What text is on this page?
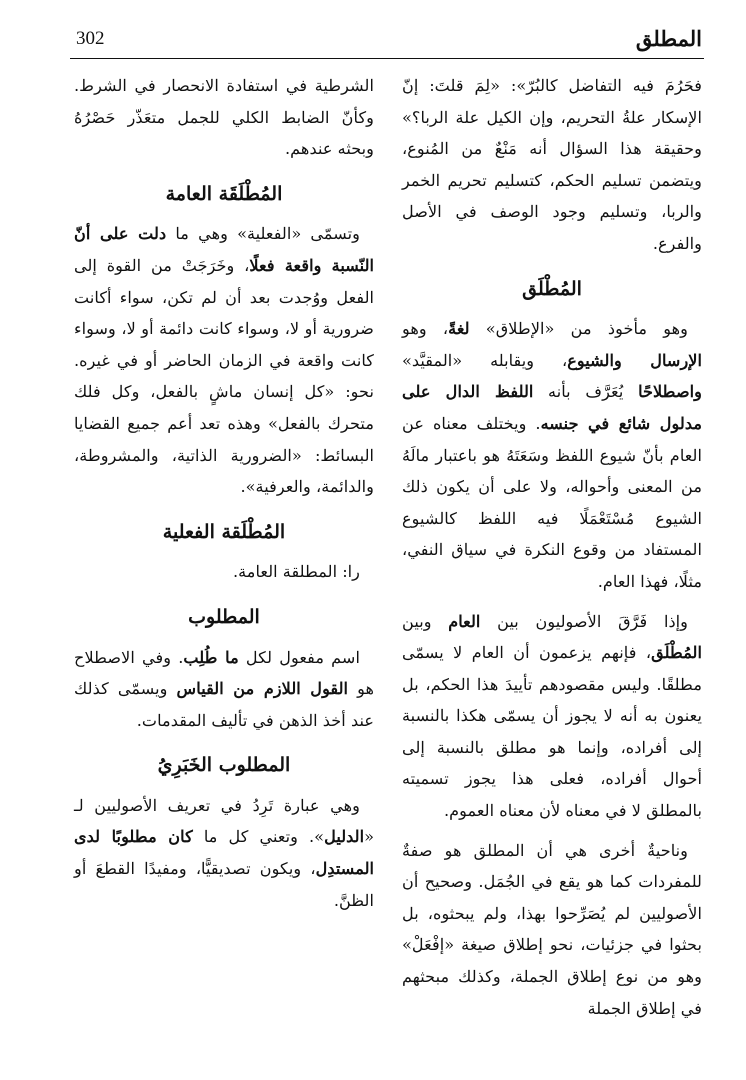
302	المطلق

فحَرُمَ فيه التفاضل كالبُرّ»: «لِمَ قلتَ: إنّ الإسكار علةُ التحريم، وإن الكيل علة الربا؟» وحقيقة هذا السؤال أنه مَنْعٌ من المُنوع، ويتضمن تسليم الحكم، كتسليم تحريم الخمر والربا، وتسليم وجود الوصف في الأصل والفرع.

المُطْلَق

وهو مأخوذ من «الإطلاق» لغةً، وهو الإرسال والشيوع، ويقابله «المقيَّد» واصطلاحًا يُعَرَّف بأنه اللفظ الدال على مدلول شائع في جنسه. ويختلف معناه عن العام بأنّ شيوع اللفظ وسَعَتَهُ هو باعتبار مالَهُ من المعنى وأحواله، ولا على أن يكون ذلك الشيوع مُسْتَعْمَلًا فيه اللفظ كالشيوع المستفاد من وقوع النكرة في سياق النفي، مثلًا، فهذا العام.

وإذا فَرَّقَ الأصوليون بين العام وبين المُطْلَق، فإنهم يزعمون أن العام لا يسمّى مطلقًا. وليس مقصودهم تأييدَ هذا الحكم، بل يعنون به أنه لا يجوز أن يسمّى هكذا بالنسبة إلى أفراده، وإنما هو مطلق بالنسبة إلى أحوال أفراده، فعلى هذا يجوز تسميته بالمطلق لا في معناه لأن معناه العموم.

وناحيةٌ أخرى هي أن المطلق هو صفةٌ للمفردات كما هو يقع في الجُمَل. وصحيح أن الأصوليين لم يُصَرِّحوا بهذا، ولم يبحثوه، بل بحثوا في جزئيات، نحو إطلاق صيغة «إفْعَلْ» وهو من نوع إطلاق الجملة، وكذلك مبحثهم في إطلاق الجملة

الشرطية في استفادة الانحصار في الشرط. وكأنّ الضابط الكلي للجمل متعَذّر حَصْرُهُ وبحثه عندهم.

المُطْلَقَة العامة

وتسمّى «الفعلية» وهي ما دلت على أنّ النّسبة واقعة فعلًا، وخَرَجَتْ من القوة إلى الفعل ووُجدت بعد أن لم تكن، سواء أكانت ضرورية أو لا، وسواء كانت دائمة أو لا، وسواء كانت واقعة في الزمان الحاضر أو في غيره. نحو: «كل إنسان ماشٍ بالفعل، وكل فلك متحرك بالفعل» وهذه تعد أعم جميع القضايا البسائط: «الضرورية الذاتية، والمشروطة، والدائمة، والعرفية».

المُطْلَقة الفعلية

را: المطلقة العامة.

المطلوب

اسم مفعول لكل ما طُلِب. وفي الاصطلاح هو القول اللازم من القياس ويسمّى كذلك عند أخذ الذهن في تأليف المقدمات.

المطلوب الخَبَرِيُ

وهي عبارة تَرِدُ في تعريف الأصوليين لـ «الدليل». وتعني كل ما كان مطلوبًا لدى المستدِل، ويكون تصديقيًّا، ومفيدًا القطعَ أو الظنَّ.
